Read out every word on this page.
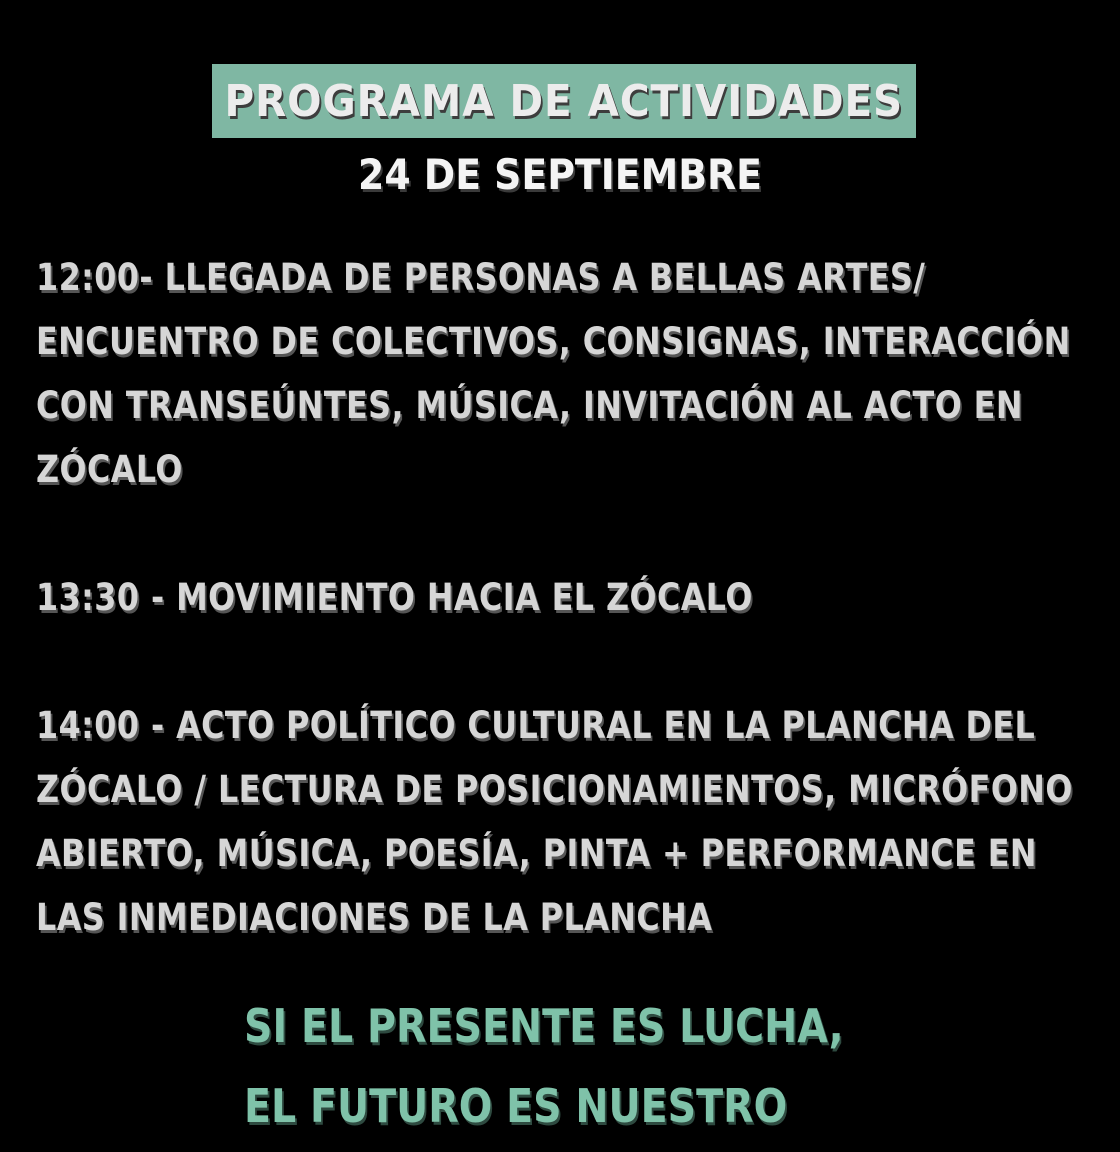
PROGRAMA DE ACTIVIDADES
24 DE SEPTIEMBRE
12:00- LLEGADA DE PERSONAS A BELLAS ARTES/
ENCUENTRO DE COLECTIVOS, CONSIGNAS, INTERACCIÓN
CON TRANSEÚNTES, MÚSICA, INVITACIÓN AL ACTO EN
ZÓCALO
13:30 - MOVIMIENTO HACIA EL ZÓCALO
14:00 - ACTO POLÍTICO CULTURAL EN LA PLANCHA DEL
ZÓCALO / LECTURA DE POSICIONAMIENTOS, MICRÓFONO
ABIERTO, MÚSICA, POESÍA, PINTA + PERFORMANCE EN
LAS INMEDIACIONES DE LA PLANCHA
SI EL PRESENTE ES LUCHA,
EL FUTURO ES NUESTRO
